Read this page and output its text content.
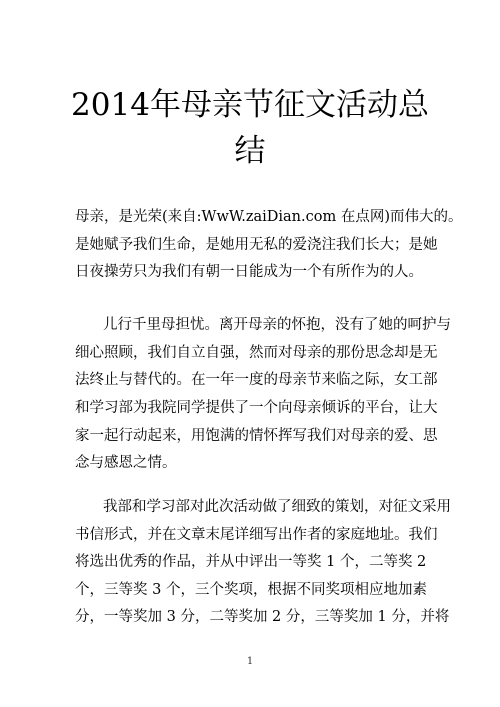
2014年母亲节征文活动总
结

母亲，是光荣(来自:WwW.zaiDian.com 在点网)而伟大的。

是她赋予我们生命，是她用无私的爱浇注我们长大；是她

日夜操劳只为我们有朝一日能成为一个有所作为的人。

儿行千里母担忧。离开母亲的怀抱，没有了她的呵护与

细心照顾，我们自立自强，然而对母亲的那份思念却是无

法终止与替代的。在一年一度的母亲节来临之际，女工部

和学习部为我院同学提供了一个向母亲倾诉的平台，让大

家一起行动起来，用饱满的情怀挥写我们对母亲的爱、思

念与感恩之情。

我部和学习部对此次活动做了细致的策划，对征文采用

书信形式，并在文章末尾详细写出作者的家庭地址。我们

将选出优秀的作品，并从中评出一等奖 1 个，二等奖 2

个，三等奖 3 个，三个奖项，根据不同奖项相应地加素

分，一等奖加 3 分，二等奖加 2 分，三等奖加 1 分，并将

1
